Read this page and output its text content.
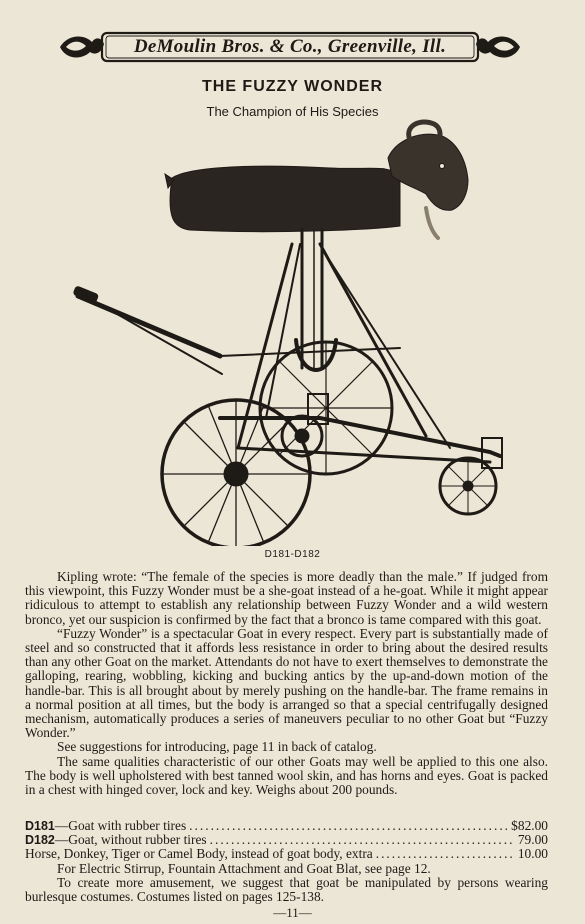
DeMoulin Bros. & Co., Greenville, Ill.
THE FUZZY WONDER
The Champion of His Species
D181-D182

Kipling wrote: “The female of the species is more deadly than the male.” If judged from this viewpoint, this Fuzzy Wonder must be a she-goat instead of a he-goat. While it might appear ridiculous to attempt to establish any relationship between Fuzzy Wonder and a wild western bronco, yet our suspicion is confirmed by the fact that a bronco is tame compared with this goat.

“Fuzzy Wonder” is a spectacular Goat in every respect. Every part is substantially made of steel and so constructed that it affords less resistance in order to bring about the desired results than any other Goat on the market. Attendants do not have to exert themselves to demonstrate the galloping, rearing, wobbling, kicking and bucking antics by the up-and-down motion of the handle-bar. This is all brought about by merely pushing on the handle-bar. The frame remains in a normal position at all times, but the body is arranged so that a special centrifugally designed mechanism, automatically produces a series of maneuvers peculiar to no other Goat but “Fuzzy Wonder.”

See suggestions for introducing, page 11 in back of catalog.

The same qualities characteristic of our other Goats may well be applied to this one also. The body is well upholstered with best tanned wool skin, and has horns and eyes. Goat is packed in a chest with hinged cover, lock and key. Weighs about 200 pounds.

D181—Goat with rubber tires .....	$82.00
D182—Goat, without rubber tires .....	79.00
Horse, Donkey, Tiger or Camel Body, instead of goat body, extra .....	10.00

For Electric Stirrup, Fountain Attachment and Goat Blat, see page 12.

To create more amusement, we suggest that goat be manipulated by persons wearing burlesque costumes. Costumes listed on pages 125-138.

—11—
